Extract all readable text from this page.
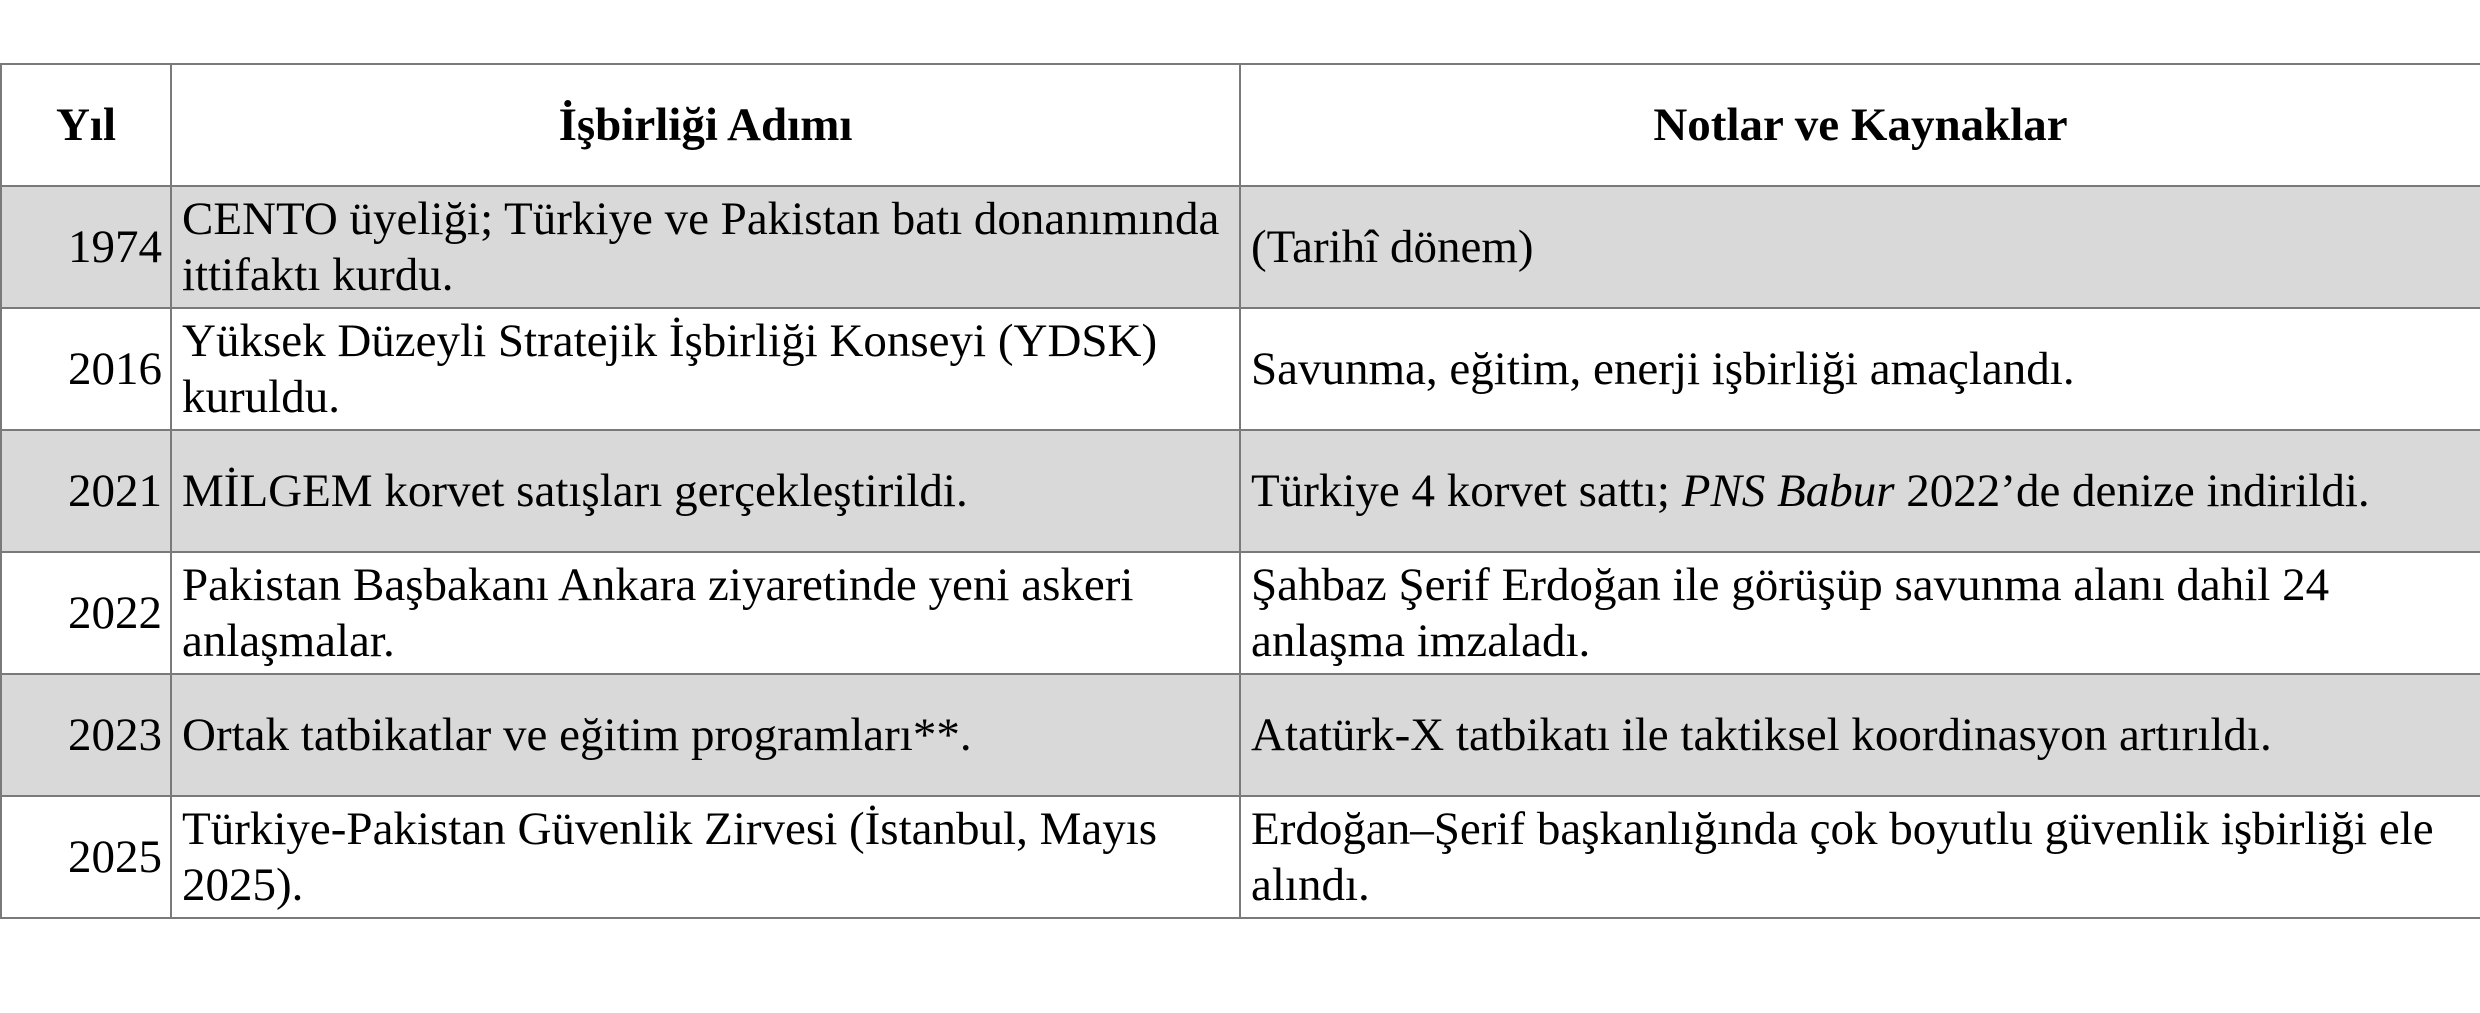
Yıl	İşbirliği Adımı	Notlar ve Kaynaklar
1974	CENTO üyeliği; Türkiye ve Pakistan batı donanımında ittifaktı kurdu.	(Tarihî dönem)
2016	Yüksek Düzeyli Stratejik İşbirliği Konseyi (YDSK) kuruldu.	Savunma, eğitim, enerji işbirliği amaçlandı.
2021	MİLGEM korvet satışları gerçekleştirildi.	Türkiye 4 korvet sattı; PNS Babur 2022’de denize indirildi.
2022	Pakistan Başbakanı Ankara ziyaretinde yeni askeri anlaşmalar.	Şahbaz Şerif Erdoğan ile görüşüp savunma alanı dahil 24 anlaşma imzaladı.
2023	Ortak tatbikatlar ve eğitim programları**.	Atatürk-X tatbikatı ile taktiksel koordinasyon artırıldı.
2025	Türkiye-Pakistan Güvenlik Zirvesi (İstanbul, Mayıs 2025).	Erdoğan–Şerif başkanlığında çok boyutlu güvenlik işbirliği ele alındı.
